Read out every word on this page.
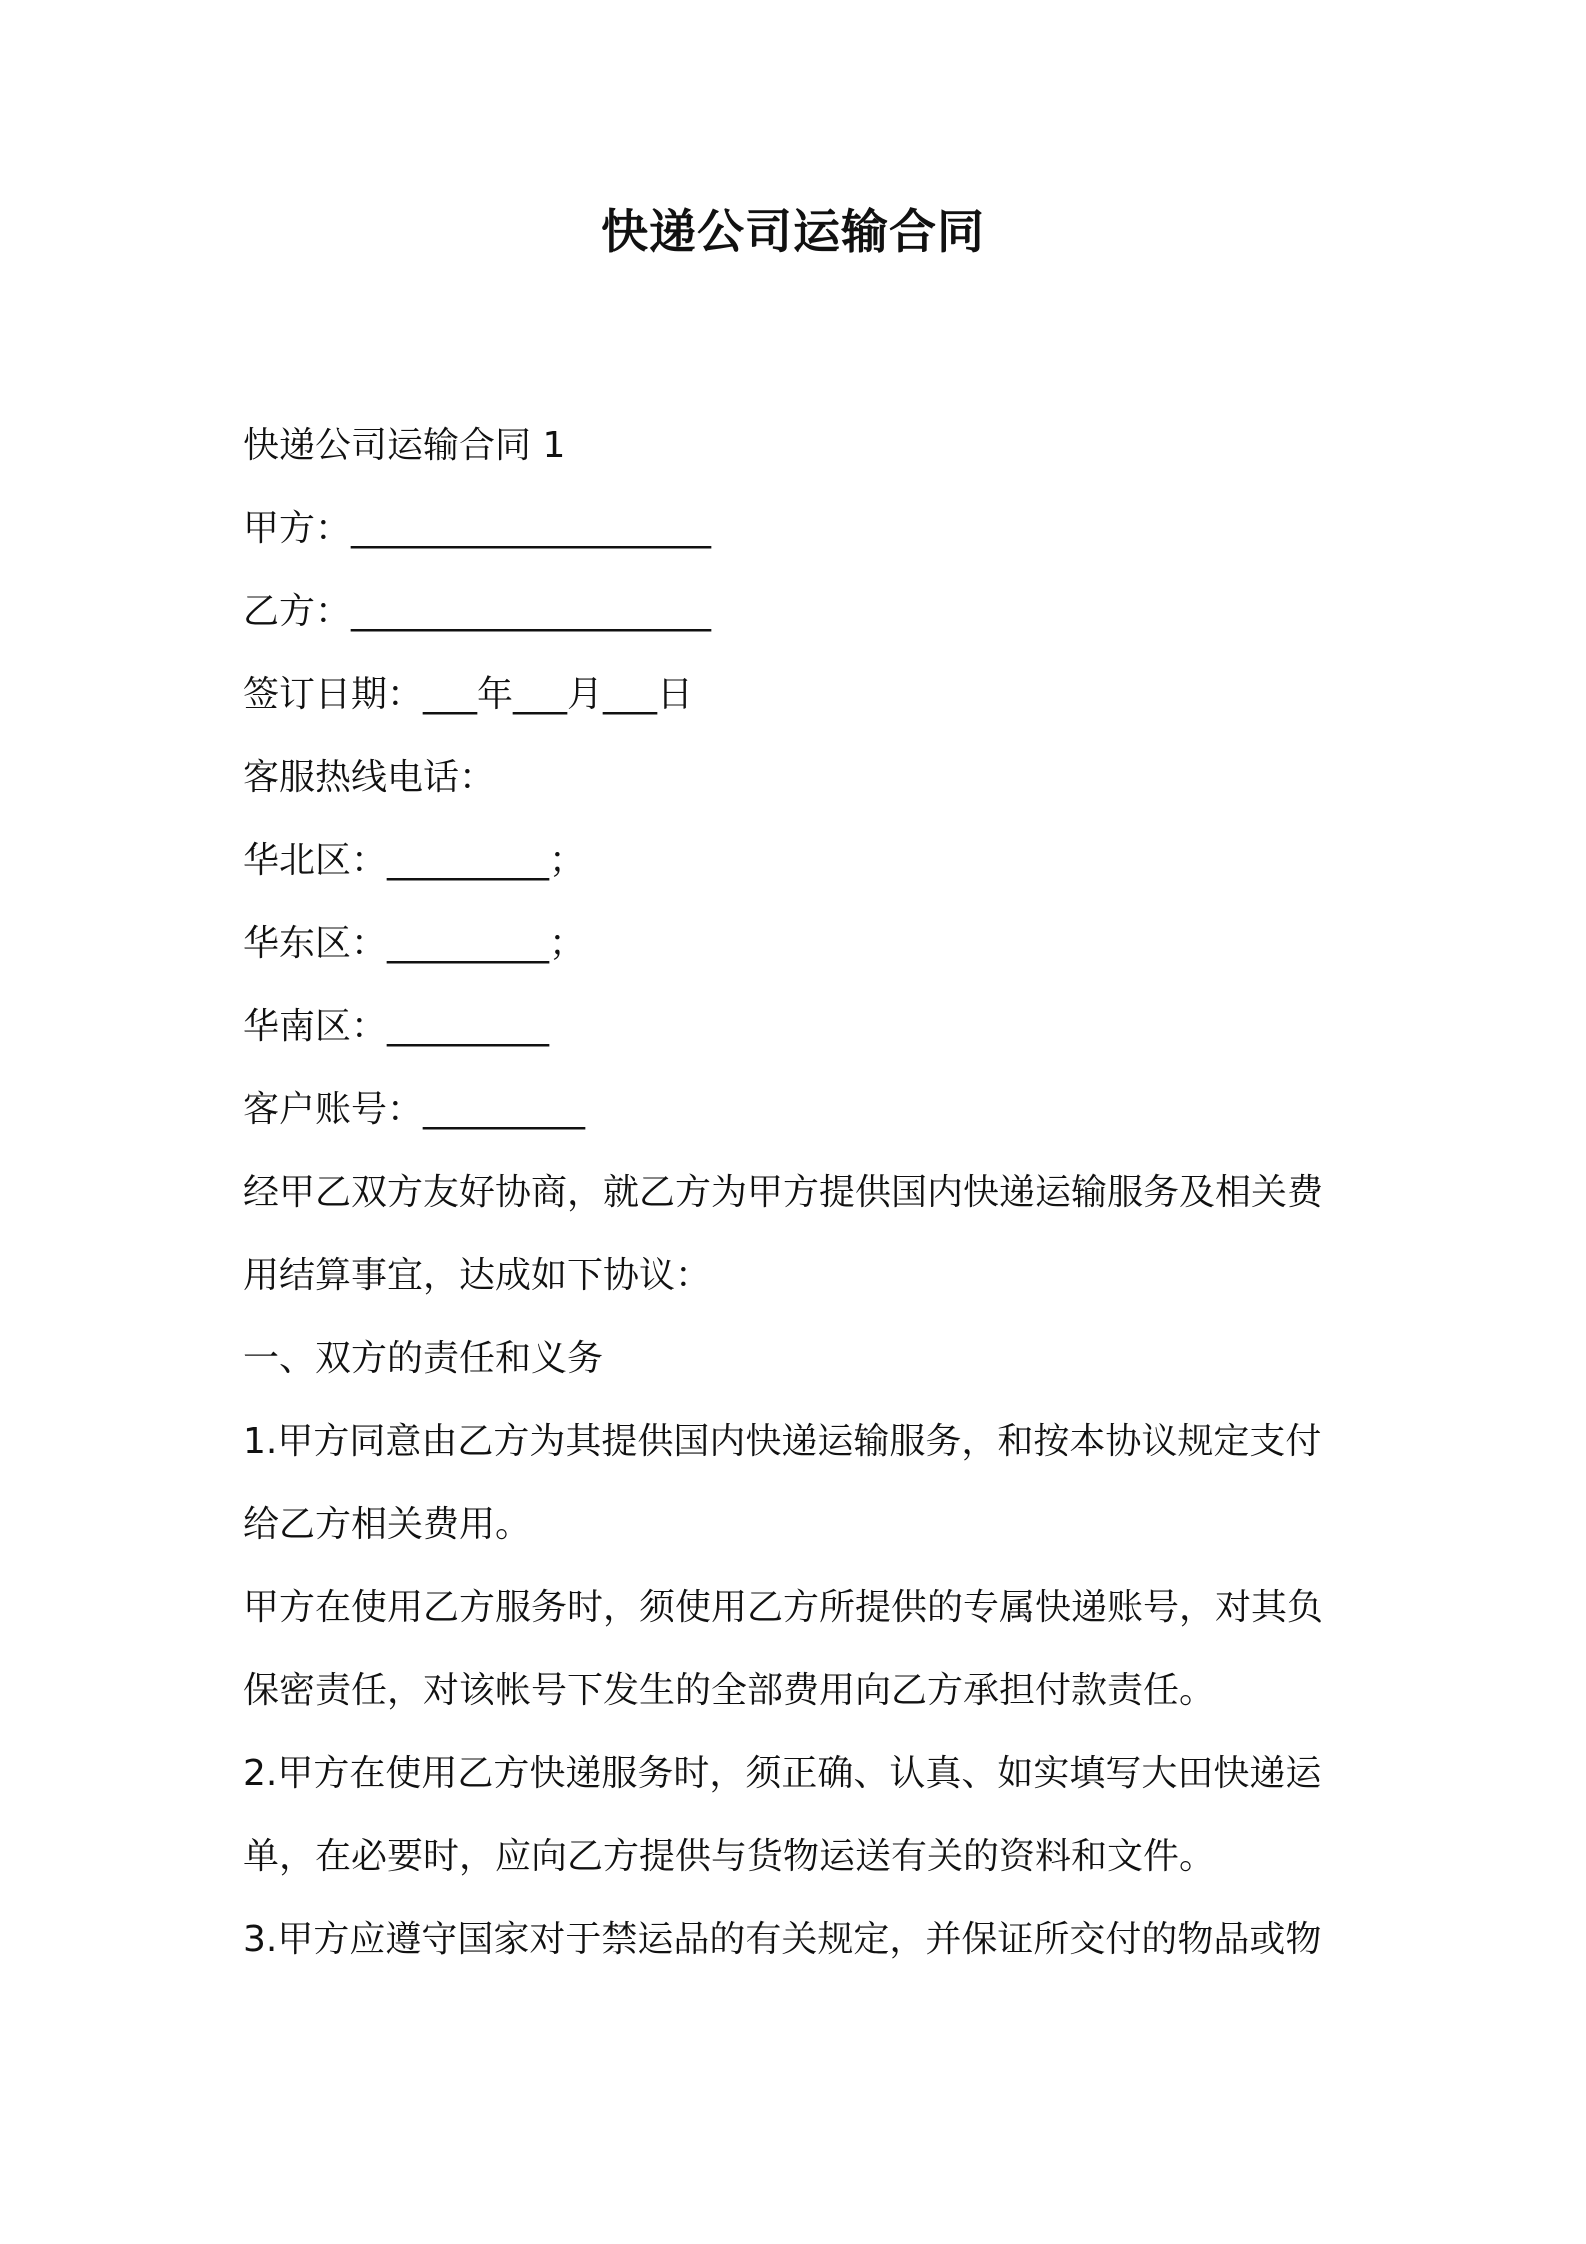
快递公司运输合同
快递公司运输合同 1
甲方：____________________
乙方：____________________
签订日期：___年___月___日
客服热线电话：
华北区：_________；
华东区：_________；
华南区：_________
客户账号：_________
经甲乙双方友好协商，就乙方为甲方提供国内快递运输服务及相关费
用结算事宜，达成如下协议：
一、双方的责任和义务
1.甲方同意由乙方为其提供国内快递运输服务，和按本协议规定支付
给乙方相关费用。
甲方在使用乙方服务时，须使用乙方所提供的专属快递账号，对其负
保密责任，对该帐号下发生的全部费用向乙方承担付款责任。
2.甲方在使用乙方快递服务时，须正确、认真、如实填写大田快递运
单，在必要时，应向乙方提供与货物运送有关的资料和文件。
3.甲方应遵守国家对于禁运品的有关规定，并保证所交付的物品或物
